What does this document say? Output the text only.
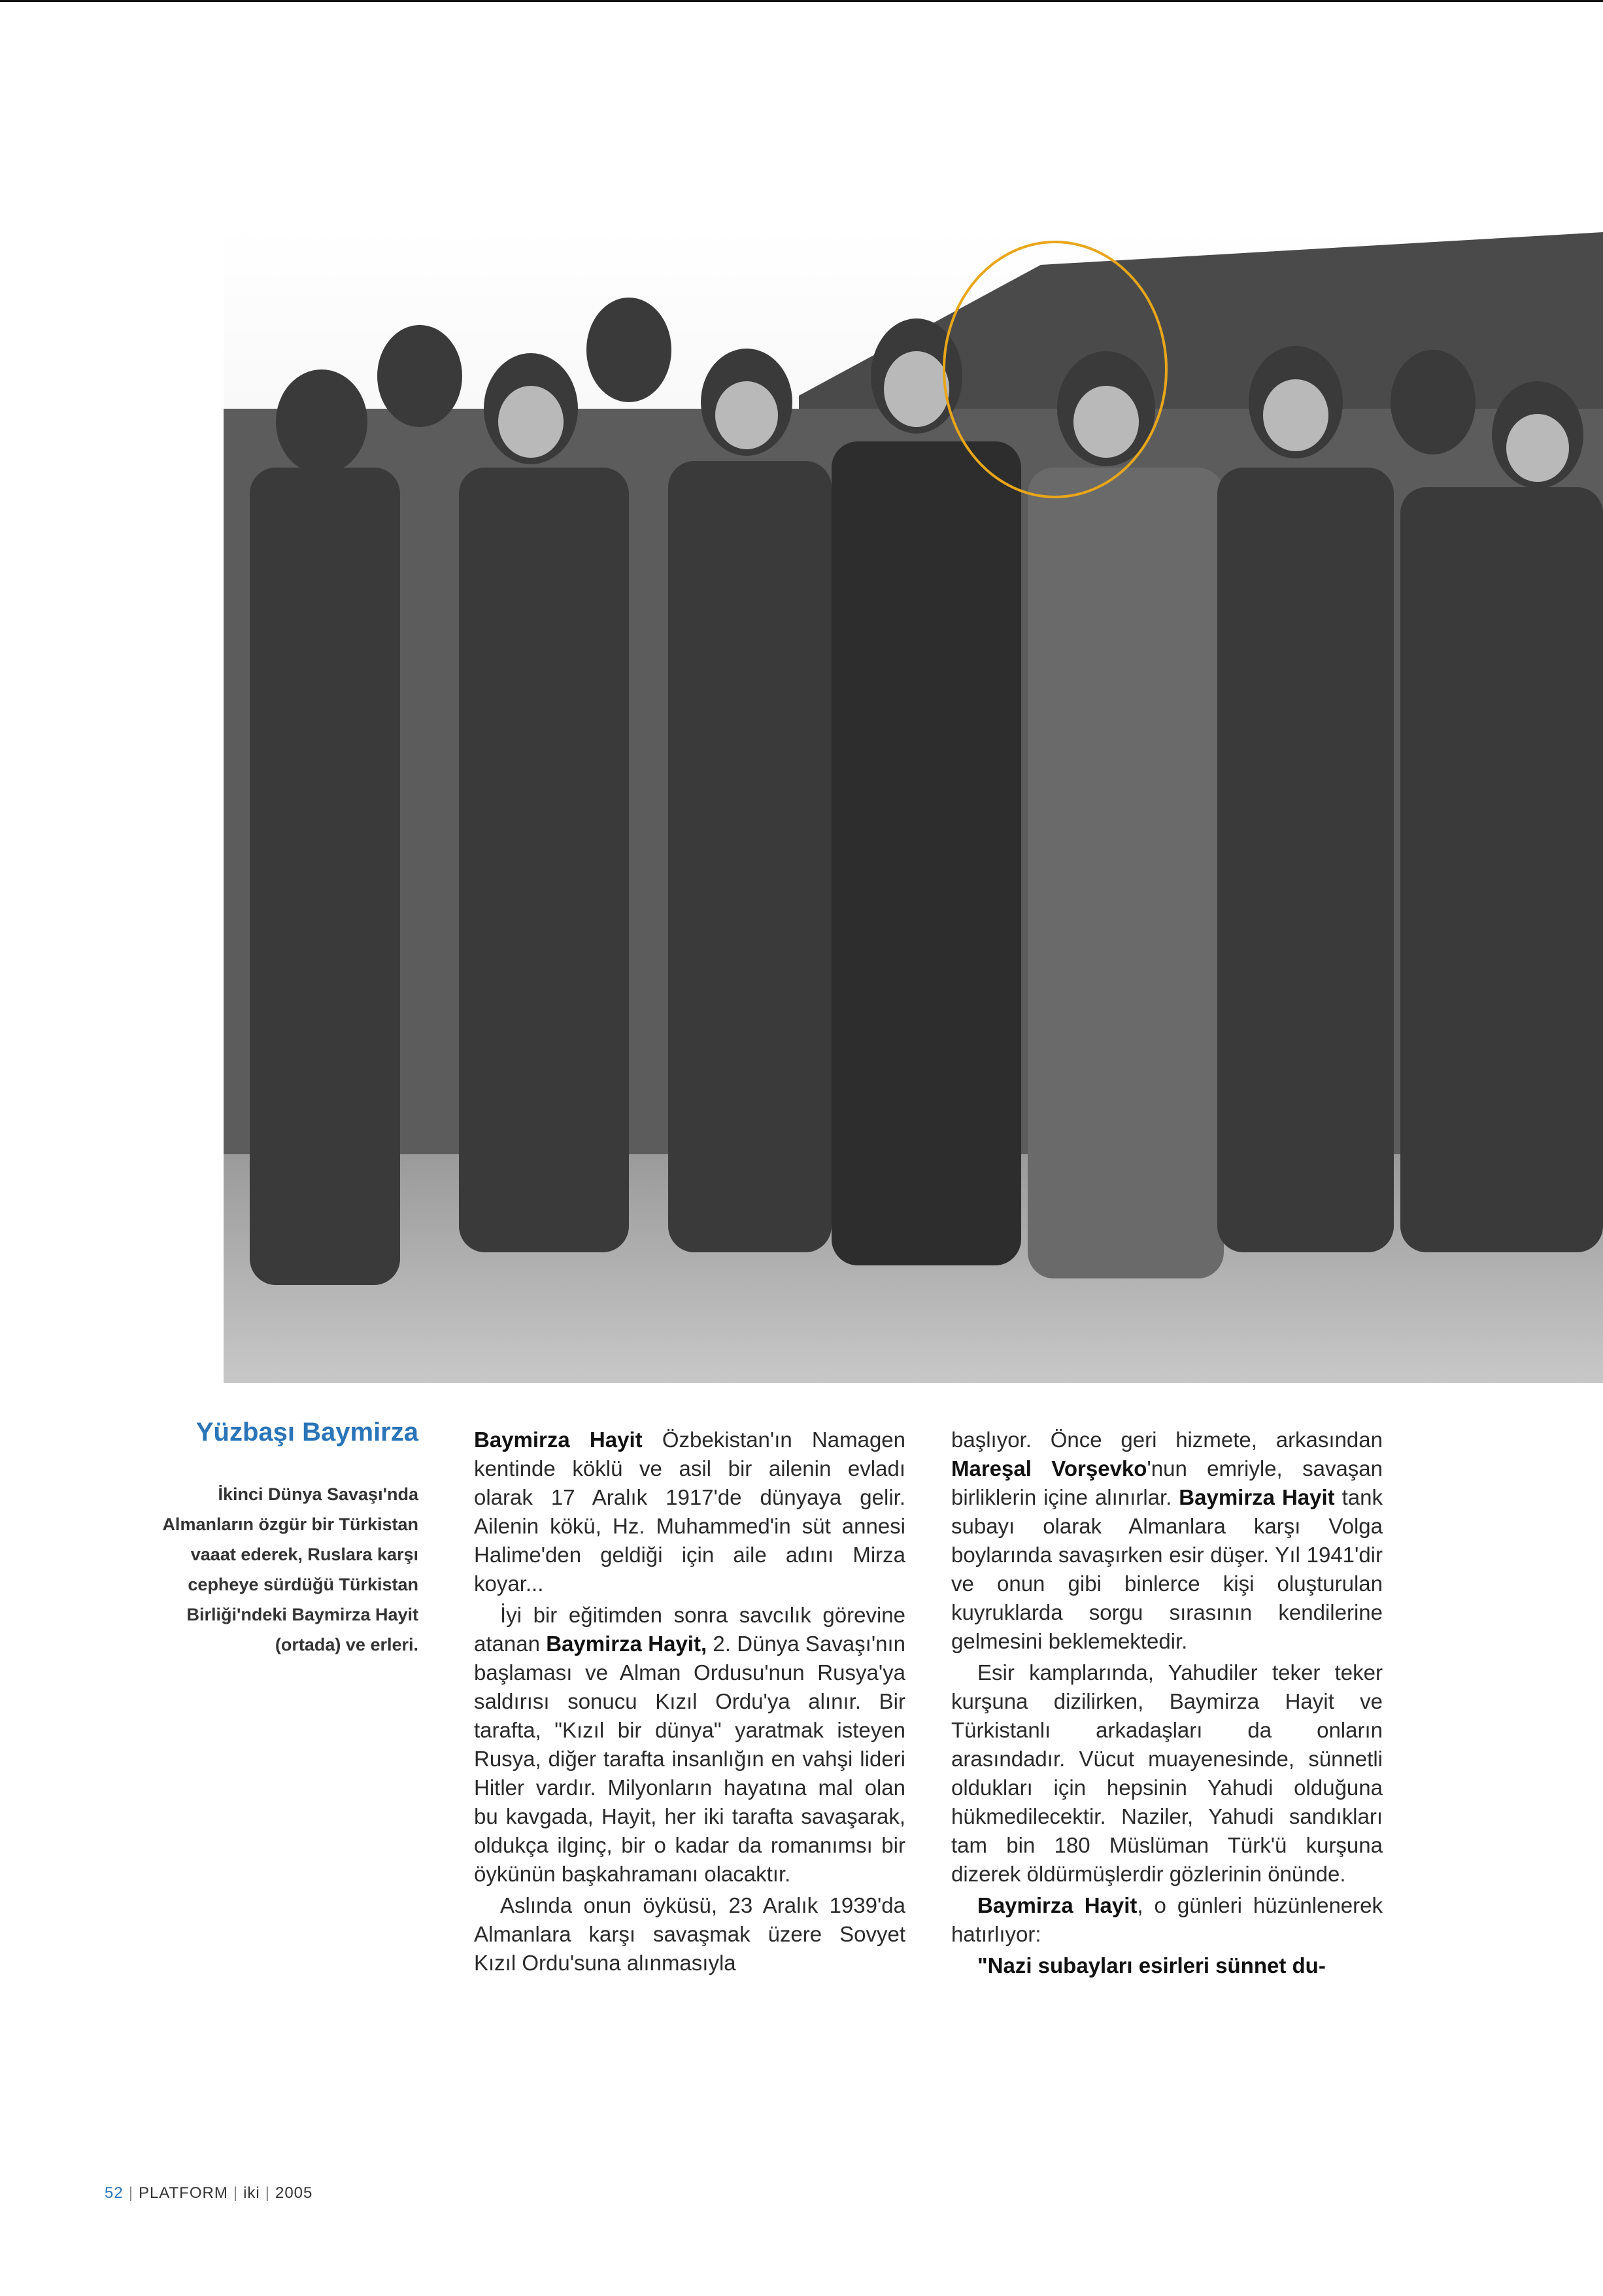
Yüzbaşı Baymirza

İkinci Dünya Savaşı'nda Almanların özgür bir Türkistan vaaat ederek, Ruslara karşı cepheye sürdüğü Türkistan Birliği'ndeki Baymirza Hayit (ortada) ve erleri.

Baymirza Hayit Özbekistan'ın Namagen kentinde köklü ve asil bir ailenin evladı olarak 17 Aralık 1917'de dünyaya gelir. Ailenin kökü, Hz. Muhammed'in süt annesi Halime'den geldiği için aile adını Mirza koyar...

İyi bir eğitimden sonra savcılık görevine atanan Baymirza Hayit, 2. Dünya Savaşı'nın başlaması ve Alman Ordusu'nun Rusya'ya saldırısı sonucu Kızıl Ordu'ya alınır. Bir tarafta, "Kızıl bir dünya" yaratmak isteyen Rusya, diğer tarafta insanlığın en vahşi lideri Hitler vardır. Milyonların hayatına mal olan bu kavgada, Hayit, her iki tarafta savaşarak, oldukça ilginç, bir o kadar da romanımsı bir öykünün başkahramanı olacaktır.

Aslında onun öyküsü, 23 Aralık 1939'da Almanlara karşı savaşmak üzere Sovyet Kızıl Ordu'suna alınmasıyla

başlıyor. Önce geri hizmete, arkasından Mareşal Vorşevko'nun emriyle, savaşan birliklerin içine alınırlar. Baymirza Hayit tank subayı olarak Almanlara karşı Volga boylarında savaşırken esir düşer. Yıl 1941'dir ve onun gibi binlerce kişi oluşturulan kuyruklarda sorgu sırasının kendilerine gelmesini beklemektedir.

Esir kamplarında, Yahudiler teker teker kurşuna dizilirken, Baymirza Hayit ve Türkistanlı arkadaşları da onların arasındadır. Vücut muayenesinde, sünnetli oldukları için hepsinin Yahudi olduğuna hükmedilecektir. Naziler, Yahudi sandıkları tam bin 180 Müslüman Türk'ü kurşuna dizerek öldürmüşlerdir gözlerinin önünde.

Baymirza Hayit, o günleri hüzünlenerek hatırlıyor:

"Nazi subayları esirleri sünnet du-

52 | PLATFORM | iki | 2005
